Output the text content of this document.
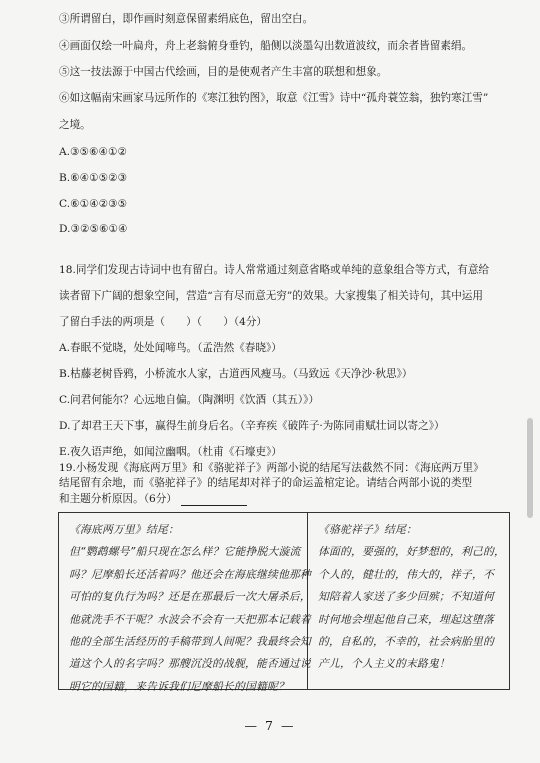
③所谓留白，即作画时刻意保留素绢底色，留出空白。
④画面仅绘一叶扁舟，舟上老翁俯身垂钓，船侧以淡墨勾出数道波纹，而余者皆留素绢。
⑤这一技法源于中国古代绘画，目的是使观者产生丰富的联想和想象。
⑥如这幅南宋画家马远所作的《寒江独钓图》，取意《江雪》诗中“孤舟蓑笠翁，独钓寒江雪”
之境。
A.③⑤⑥④①②
B.⑥④①⑤②③
C.⑥①④②③⑤
D.③②⑤⑥①④
18.同学们发现古诗词中也有留白。诗人常常通过刻意省略或单纯的意象组合等方式，有意给
读者留下广阔的想象空间，营造“言有尽而意无穷”的效果。大家搜集了相关诗句，其中运用
了留白手法的两项是（　　）（　　）（4分）
A.春眠不觉晓，处处闻啼鸟。（孟浩然《春晓》）
B.枯藤老树昏鸦，小桥流水人家，古道西风瘦马。（马致远《天净沙·秋思》）
C.问君何能尔？心远地自偏。（陶渊明《饮酒（其五）》）
D.了却君王天下事，赢得生前身后名。（辛弃疾《破阵子·为陈同甫赋壮词以寄之》）
E.夜久语声绝，如闻泣幽咽。（杜甫《石壕吏》）
19.小杨发现《海底两万里》和《骆驼祥子》两部小说的结尾写法截然不同：《海底两万里》
结尾留有余地，而《骆驼祥子》的结尾却对祥子的命运盖棺定论。请结合两部小说的类型
和主题分析原因。（6分）
《海底两万里》结尾：
但“鹦鹉螺号”船只现在怎么样？它能挣脱大漩流
吗？尼摩船长还活着吗？他还会在海底继续他那种
可怕的复仇行为吗？还是在那最后一次大屠杀后，
他就洗手不干呢？水波会不会有一天把那本记载着
他的全部生活经历的手稿带到人间呢？我最终会知
道这个人的名字吗？那艘沉没的战舰，能否通过说
明它的国籍，来告诉我们尼摩船长的国籍呢？
《骆驼祥子》结尾：
体面的，要强的，好梦想的，利己的，
个人的，健壮的，伟大的，祥子，不
知陪着人家送了多少回殡；不知道何
时何地会埋起他自己来，埋起这堕落
的，自私的，不幸的，社会病胎里的
产儿，个人主义的末路鬼！
— 7 —
